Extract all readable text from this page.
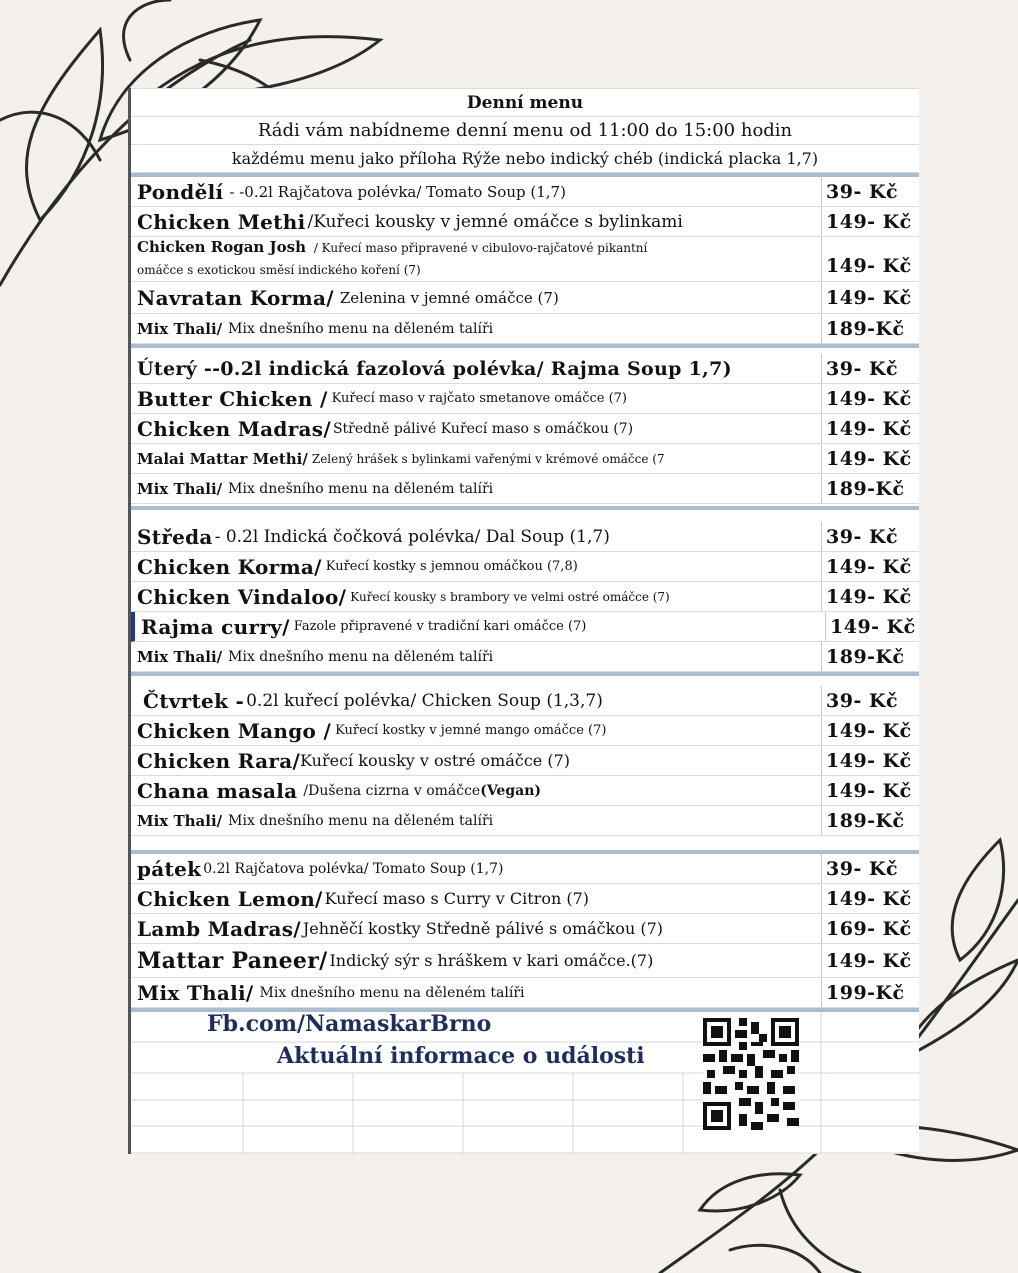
Denní menu
Rádi vám nabídneme denní menu od 11:00 do 15:00 hodin
každému menu jako příloha Rýže nebo indický chéb (indická placka 1,7)
Pondělí - -0.2l Rajčatova polévka/ Tomato Soup (1,7)	39- Kč
Chicken Methi /Kuřeci kousky v jemné omáčce s bylinkami	149- Kč
Chicken Rogan Josh / Kuřecí maso připravené v cibulovo-rajčatové pikantní
omáčce s exotickou směsí indického koření (7)	149- Kč
Navratan Korma/ Zelenina v jemné omáčce (7)	149- Kč
Mix Thali/ Mix dnešního menu na děleném talíři	189-Kč
Úterý --0.2l indická fazolová polévka/ Rajma Soup 1,7)	39- Kč
Butter Chicken / Kuřecí maso v rajčato smetanove omáčce (7)	149- Kč
Chicken Madras/ Středně pálivé Kuřecí maso s omáčkou (7)	149- Kč
Malai Mattar Methi/ Zelený hrášek s bylinkami vařenými v krémové omáčce (7	149- Kč
Mix Thali/ Mix dnešního menu na děleném talíři	189-Kč
Středa - 0.2l Indická čočková polévka/ Dal Soup (1,7)	39- Kč
Chicken Korma/ Kuřecí kostky s jemnou omáčkou (7,8)	149- Kč
Chicken Vindaloo/ Kuřecí kousky s brambory ve velmi ostré omáčce (7)	149- Kč
Rajma curry/ Fazole připravené v tradiční kari omáčce (7)	149- Kč
Mix Thali/ Mix dnešního menu na děleném talíři	189-Kč
Čtvrtek - 0.2l kuřecí polévka/ Chicken Soup (1,3,7)	39- Kč
Chicken Mango / Kuřecí kostky v jemné mango omáčce (7)	149- Kč
Chicken Rara/ Kuřecí kousky v ostré omáčce (7)	149- Kč
Chana masala /Dušena cizrna v omáčce (Vegan)	149- Kč
Mix Thali/ Mix dnešního menu na děleném talíři	189-Kč
pátek 0.2l Rajčatova polévka/ Tomato Soup (1,7)	39- Kč
Chicken Lemon/ Kuřecí maso s Curry v Citron (7)	149- Kč
Lamb Madras/ Jehněčí kostky Středně pálivé s omáčkou (7)	169- Kč
Mattar Paneer/ Indický sýr s hráškem v kari omáčce.(7)	149- Kč
Mix Thali/ Mix dnešního menu na děleném talíři	199-Kč
Fb.com/NamaskarBrno
Aktuální informace o události
